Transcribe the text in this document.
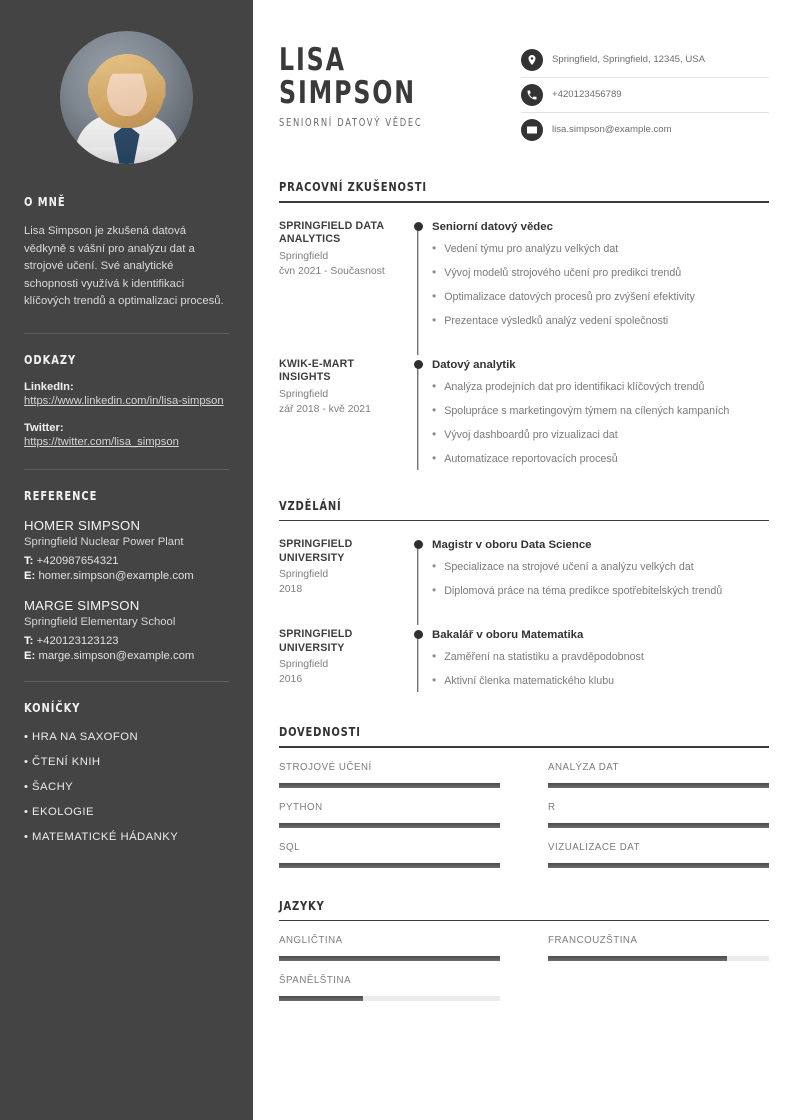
O MNĚ
Lisa Simpson je zkušená datová vědkyně s vášní pro analýzu dat a strojové učení. Své analytické schopnosti využívá k identifikaci klíčových trendů a optimalizaci procesů.
ODKAZY
LinkedIn:
https://www.linkedin.com/in/lisa-simpson
Twitter:
https://twitter.com/lisa_simpson
REFERENCE
HOMER SIMPSON
Springfield Nuclear Power Plant
T: +420987654321
E: homer.simpson@example.com
MARGE SIMPSON
Springfield Elementary School
T: +420123123123
E: marge.simpson@example.com
KONÍČKY
• HRA NA SAXOFON
• ČTENÍ KNIH
• ŠACHY
• EKOLOGIE
• MATEMATICKÉ HÁDANKY
LISA
SIMPSON
SENIORNÍ DATOVÝ VĚDEC
Springfield, Springfield, 12345, USA
+420123456789
lisa.simpson@example.com
PRACOVNÍ ZKUŠENOSTI
SPRINGFIELD DATA ANALYTICS
Springfield
čvn 2021 - Současnost
Seniorní datový vědec
• Vedení týmu pro analýzu velkých dat
• Vývoj modelů strojového učení pro predikci trendů
• Optimalizace datových procesů pro zvýšení efektivity
• Prezentace výsledků analýz vedení společnosti
KWIK-E-MART INSIGHTS
Springfield
zář 2018 - kvě 2021
Datový analytik
• Analýza prodejních dat pro identifikaci klíčových trendů
• Spolupráce s marketingovým týmem na cílených kampaních
• Vývoj dashboardů pro vizualizaci dat
• Automatizace reportovacích procesů
VZDĚLÁNÍ
SPRINGFIELD UNIVERSITY
Springfield
2018
Magistr v oboru Data Science
• Specializace na strojové učení a analýzu velkých dat
• Diplomová práce na téma predikce spotřebitelských trendů
SPRINGFIELD UNIVERSITY
Springfield
2016
Bakalář v oboru Matematika
• Zaměření na statistiku a pravděpodobnost
• Aktivní členka matematického klubu
DOVEDNOSTI
STROJOVÉ UČENÍ	ANALÝZA DAT
PYTHON	R
SQL	VIZUALIZACE DAT
JAZYKY
ANGLIČTINA	FRANCOUZŠTINA
ŠPANĚLŠTINA
